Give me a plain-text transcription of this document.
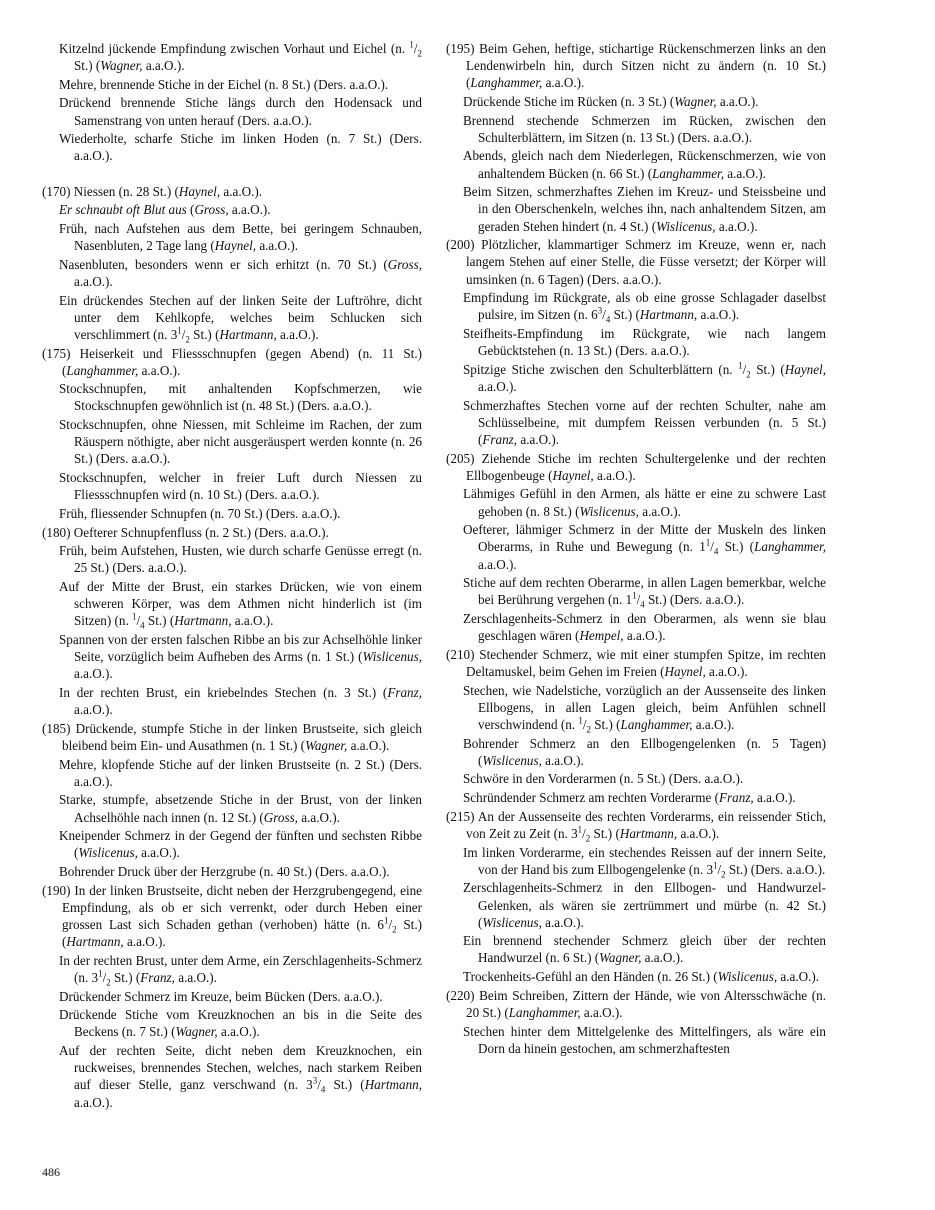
Kitzelnd jückende Empfindung zwischen Vorhaut und Eichel (n. $^1/_2$ St.) (Wagner, a.a.O.).

Mehre, brennende Stiche in der Eichel (n. 8 St.) (Ders. a.a.O.).

Drückend brennende Stiche längs durch den Hodensack und Samenstrang von unten herauf (Ders. a.a.O.).

Wiederholte, scharfe Stiche im linken Hoden (n. 7 St.) (Ders. a.a.O.).

(170) Niessen (n. 28 St.) (Haynel, a.a.O.).

Er schnaubt oft Blut aus (Gross, a.a.O.).

Früh, nach Aufstehen aus dem Bette, bei geringem Schnauben, Nasenbluten, 2 Tage lang (Haynel, a.a.O.).

Nasenbluten, besonders wenn er sich erhitzt (n. 70 St.) (Gross, a.a.O.).

Ein drückendes Stechen auf der linken Seite der Luftröhre, dicht unter dem Kehlkopfe, welches beim Schlucken sich verschlimmert (n. $3^1/_2$ St.) (Hartmann, a.a.O.).

(175) Heiserkeit und Fliessschnupfen (gegen Abend) (n. 11 St.) (Langhammer, a.a.O.).

Stockschnupfen, mit anhaltenden Kopfschmerzen, wie Stockschnupfen gewöhnlich ist (n. 48 St.) (Ders. a.a.O.).

Stockschnupfen, ohne Niessen, mit Schleime im Rachen, der zum Räuspern nöthigte, aber nicht ausgeräuspert werden konnte (n. 26 St.) (Ders. a.a.O.).

Stockschnupfen, welcher in freier Luft durch Niessen zu Fliessschnupfen wird (n. 10 St.) (Ders. a.a.O.).

Früh, fliessender Schnupfen (n. 70 St.) (Ders. a.a.O.).

(180) Oefterer Schnupfenfluss (n. 2 St.) (Ders. a.a.O.).

Früh, beim Aufstehen, Husten, wie durch scharfe Genüsse erregt (n. 25 St.) (Ders. a.a.O.).

Auf der Mitte der Brust, ein starkes Drücken, wie von einem schweren Körper, was dem Athmen nicht hinderlich ist (im Sitzen) (n. $^1/_4$ St.) (Hartmann, a.a.O.).

Spannen von der ersten falschen Ribbe an bis zur Achselhöhle linker Seite, vorzüglich beim Aufheben des Arms (n. 1 St.) (Wislicenus, a.a.O.).

In der rechten Brust, ein kriebelndes Stechen (n. 3 St.) (Franz, a.a.O.).

(185) Drückende, stumpfe Stiche in der linken Brustseite, sich gleich bleibend beim Ein- und Ausathmen (n. 1 St.) (Wagner, a.a.O.).

Mehre, klopfende Stiche auf der linken Brustseite (n. 2 St.) (Ders. a.a.O.).

Starke, stumpfe, absetzende Stiche in der Brust, von der linken Achselhöhle nach innen (n. 12 St.) (Gross, a.a.O.).

Kneipender Schmerz in der Gegend der fünften und sechsten Ribbe (Wislicenus, a.a.O.).

Bohrender Druck über der Herzgrube (n. 40 St.) (Ders. a.a.O.).

(190) In der linken Brustseite, dicht neben der Herzgrubengegend, eine Empfindung, als ob er sich verrenkt, oder durch Heben einer grossen Last sich Schaden gethan (verhoben) hätte (n. $6^1/_2$ St.) (Hartmann, a.a.O.).

In der rechten Brust, unter dem Arme, ein Zerschlagenheits-Schmerz (n. $3^1/_2$ St.) (Franz, a.a.O.).

Drückender Schmerz im Kreuze, beim Bücken (Ders. a.a.O.).

Drückende Stiche vom Kreuzknochen an bis in die Seite des Beckens (n. 7 St.) (Wagner, a.a.O.).

Auf der rechten Seite, dicht neben dem Kreuzknochen, ein ruckweises, brennendes Stechen, welches, nach starkem Reiben auf dieser Stelle, ganz verschwand (n. $3^3/_4$ St.) (Hartmann, a.a.O.).

(195) Beim Gehen, heftige, stichartige Rückenschmerzen links an den Lendenwirbeln hin, durch Sitzen nicht zu ändern (n. 10 St.) (Langhammer, a.a.O.).

Drückende Stiche im Rücken (n. 3 St.) (Wagner, a.a.O.).

Brennend stechende Schmerzen im Rücken, zwischen den Schulterblättern, im Sitzen (n. 13 St.) (Ders. a.a.O.).

Abends, gleich nach dem Niederlegen, Rückenschmerzen, wie von anhaltendem Bücken (n. 66 St.) (Langhammer, a.a.O.).

Beim Sitzen, schmerzhaftes Ziehen im Kreuz- und Steissbeine und in den Oberschenkeln, welches ihn, nach anhaltendem Sitzen, am geraden Stehen hindert (n. 4 St.) (Wislicenus, a.a.O.).

(200) Plötzlicher, klammartiger Schmerz im Kreuze, wenn er, nach langem Stehen auf einer Stelle, die Füsse versetzt; der Körper will umsinken (n. 6 Tagen) (Ders. a.a.O.).

Empfindung im Rückgrate, als ob eine grosse Schlagader daselbst pulsire, im Sitzen (n. $6^3/_4$ St.) (Hartmann, a.a.O.).

Steifheits-Empfindung im Rückgrate, wie nach langem Gebücktstehen (n. 13 St.) (Ders. a.a.O.).

Spitzige Stiche zwischen den Schulterblättern (n. $^1/_2$ St.) (Haynel, a.a.O.).

Schmerzhaftes Stechen vorne auf der rechten Schulter, nahe am Schlüsselbeine, mit dumpfem Reissen verbunden (n. 5 St.) (Franz, a.a.O.).

(205) Ziehende Stiche im rechten Schultergelenke und der rechten Ellbogenbeuge (Haynel, a.a.O.).

Lähmiges Gefühl in den Armen, als hätte er eine zu schwere Last gehoben (n. 8 St.) (Wislicenus, a.a.O.).

Oefterer, lähmiger Schmerz in der Mitte der Muskeln des linken Oberarms, in Ruhe und Bewegung (n. $1^1/_4$ St.) (Langhammer, a.a.O.).

Stiche auf dem rechten Oberarme, in allen Lagen bemerkbar, welche bei Berührung vergehen (n. $1^1/_4$ St.) (Ders. a.a.O.).

Zerschlagenheits-Schmerz in den Oberarmen, als wenn sie blau geschlagen wären (Hempel, a.a.O.).

(210) Stechender Schmerz, wie mit einer stumpfen Spitze, im rechten Deltamuskel, beim Gehen im Freien (Haynel, a.a.O.).

Stechen, wie Nadelstiche, vorzüglich an der Aussenseite des linken Ellbogens, in allen Lagen gleich, beim Anfühlen schnell verschwindend (n. $^1/_2$ St.) (Langhammer, a.a.O.).

Bohrender Schmerz an den Ellbogengelenken (n. 5 Tagen) (Wislicenus, a.a.O.).

Schwöre in den Vorderarmen (n. 5 St.) (Ders. a.a.O.).

Schründender Schmerz am rechten Vorderarme (Franz, a.a.O.).

(215) An der Aussenseite des rechten Vorderarms, ein reissender Stich, von Zeit zu Zeit (n. $3^1/_2$ St.) (Hartmann, a.a.O.).

Im linken Vorderarme, ein stechendes Reissen auf der innern Seite, von der Hand bis zum Ellbogengelenke (n. $3^1/_2$ St.) (Ders. a.a.O.).

Zerschlagenheits-Schmerz in den Ellbogen- und Handwurzel-Gelenken, als wären sie zertrümmert und mürbe (n. 42 St.) (Wislicenus, a.a.O.).

Ein brennend stechender Schmerz gleich über der rechten Handwurzel (n. 6 St.) (Wagner, a.a.O.).

Trockenheits-Gefühl an den Händen (n. 26 St.) (Wislicenus, a.a.O.).

(220) Beim Schreiben, Zittern der Hände, wie von Altersschwäche (n. 20 St.) (Langhammer, a.a.O.).

Stechen hinter dem Mittelgelenke des Mittelfingers, als wäre ein Dorn da hinein gestochen, am schmerzhaftesten

486
